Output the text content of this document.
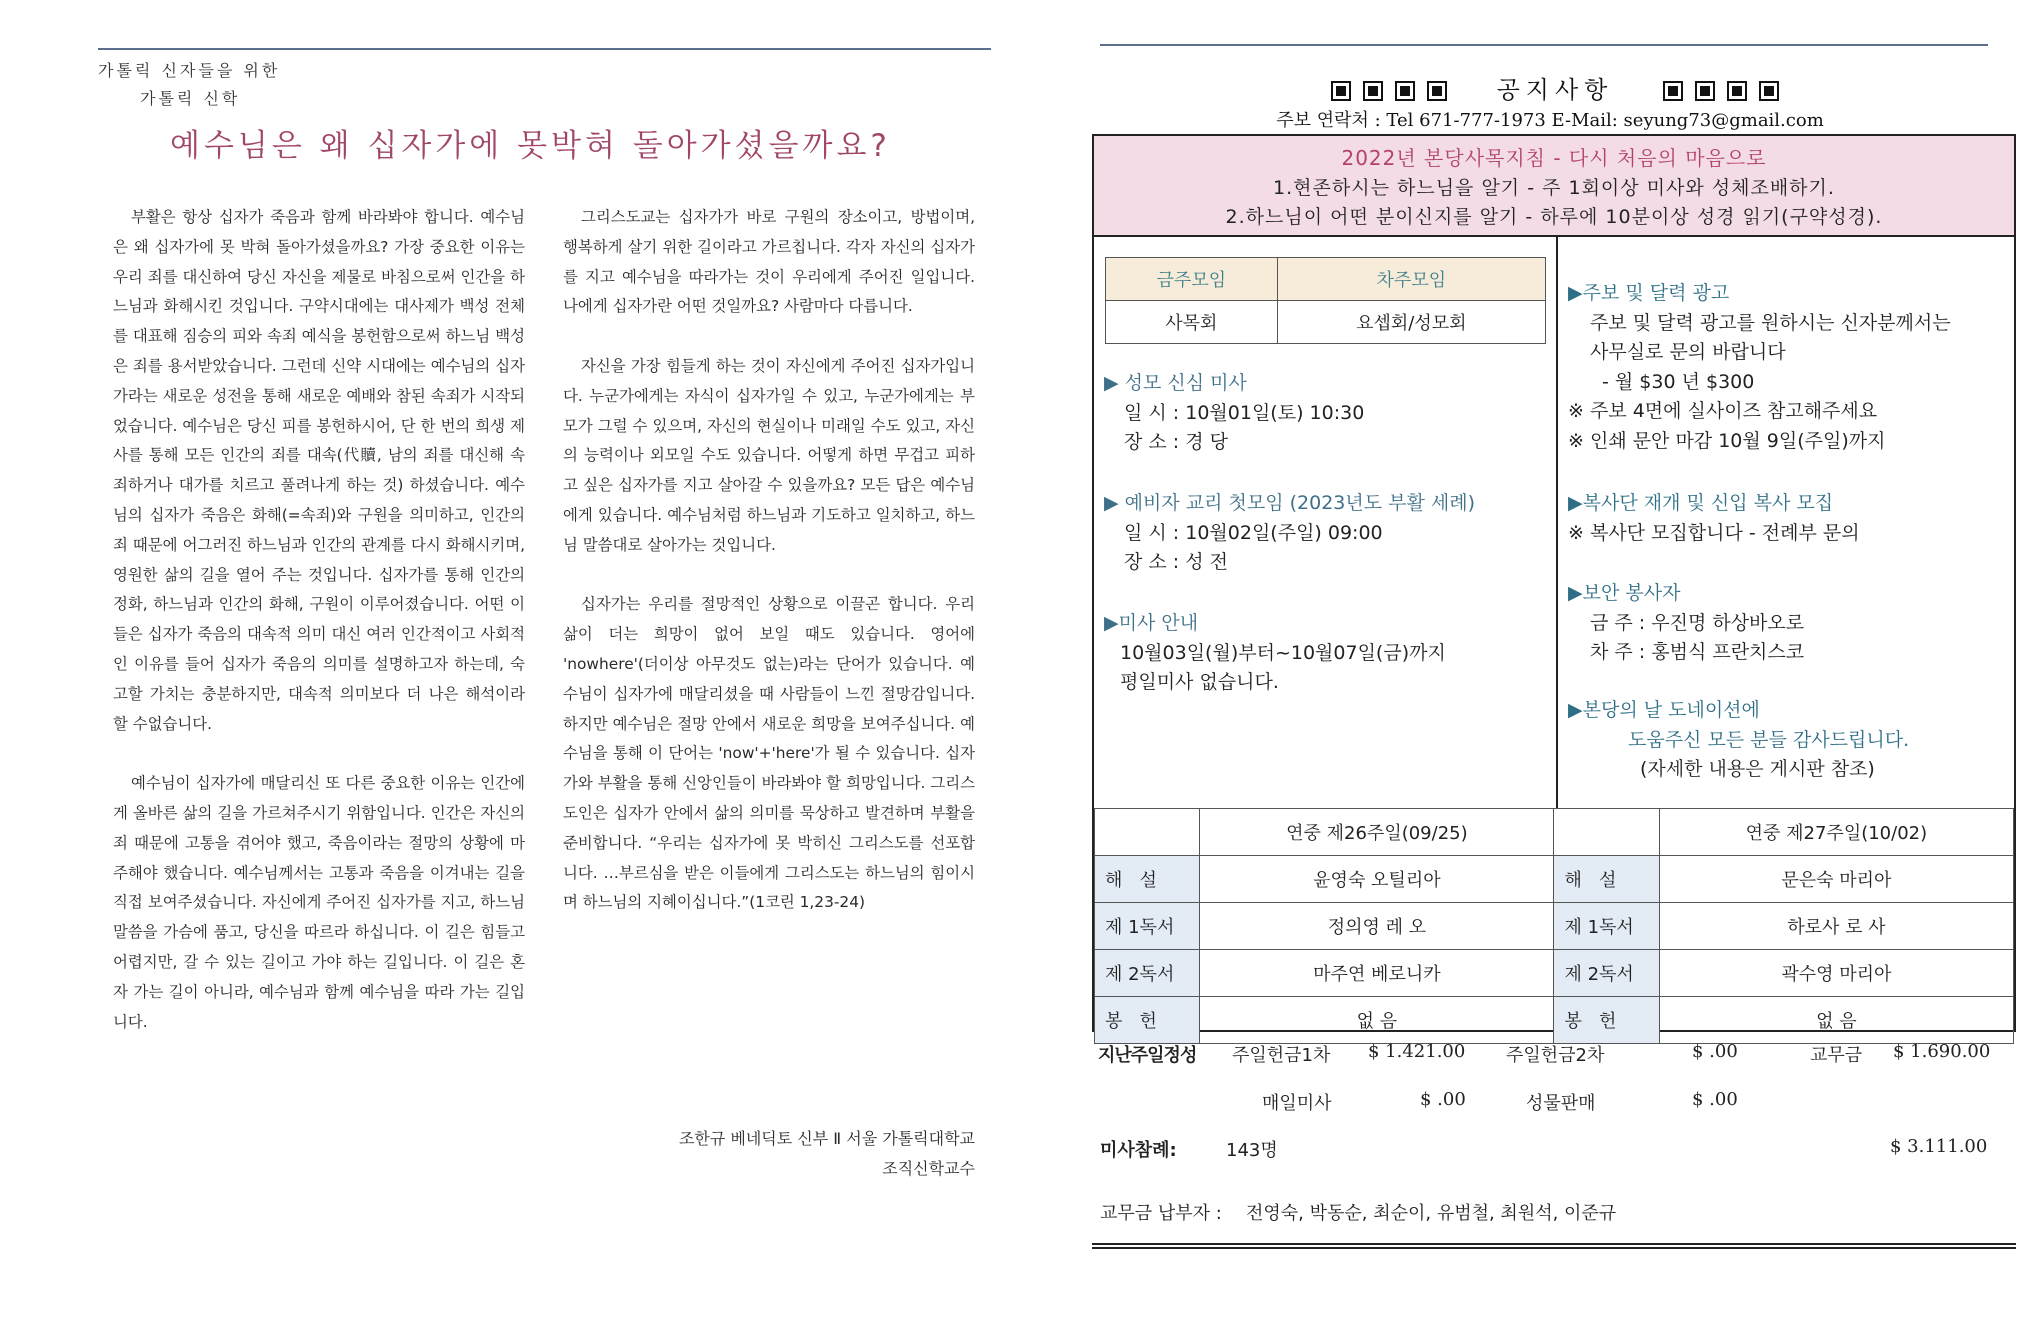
가톨릭 신자들을 위한
가톨릭 신학
예수님은 왜 십자가에 못박혀 돌아가셨을까요?

부활은 항상 십자가 죽음과 함께 바라봐야 합니다. 예수님은 왜 십자가에 못 박혀 돌아가셨을까요? 가장 중요한 이유는 우리 죄를 대신하여 당신 자신을 제물로 바침으로써 인간을 하느님과 화해시킨 것입니다. 구약시대에는 대사제가 백성 전체를 대표해 짐승의 피와 속죄 예식을 봉헌함으로써 하느님 백성은 죄를 용서받았습니다. 그런데 신약 시대에는 예수님의 십자가라는 새로운 성전을 통해 새로운 예배와 참된 속죄가 시작되었습니다. 예수님은 당신 피를 봉헌하시어, 단 한 번의 희생 제사를 통해 모든 인간의 죄를 대속(代贖, 남의 죄를 대신해 속죄하거나 대가를 치르고 풀려나게 하는 것) 하셨습니다. 예수님의 십자가 죽음은 화해(=속죄)와 구원을 의미하고, 인간의 죄 때문에 어그러진 하느님과 인간의 관계를 다시 화해시키며, 영원한 삶의 길을 열어 주는 것입니다. 십자가를 통해 인간의 정화, 하느님과 인간의 화해, 구원이 이루어졌습니다. 어떤 이들은 십자가 죽음의 대속적 의미 대신 여러 인간적이고 사회적인 이유를 들어 십자가 죽음의 의미를 설명하고자 하는데, 숙고할 가치는 충분하지만, 대속적 의미보다 더 나은 해석이라 할 수없습니다.

예수님이 십자가에 매달리신 또 다른 중요한 이유는 인간에게 올바른 삶의 길을 가르쳐주시기 위함입니다. 인간은 자신의 죄 때문에 고통을 겪어야 했고, 죽음이라는 절망의 상황에 마주해야 했습니다. 예수님께서는 고통과 죽음을 이겨내는 길을 직접 보여주셨습니다. 자신에게 주어진 십자가를 지고, 하느님 말씀을 가슴에 품고, 당신을 따르라 하십니다. 이 길은 힘들고 어렵지만, 갈 수 있는 길이고 가야 하는 길입니다. 이 길은 혼자 가는 길이 아니라, 예수님과 함께 예수님을 따라 가는 길입니다.

그리스도교는 십자가가 바로 구원의 장소이고, 방법이며, 행복하게 살기 위한 길이라고 가르칩니다. 각자 자신의 십자가를 지고 예수님을 따라가는 것이 우리에게 주어진 일입니다. 나에게 십자가란 어떤 것일까요? 사람마다 다릅니다.

자신을 가장 힘들게 하는 것이 자신에게 주어진 십자가입니다. 누군가에게는 자식이 십자가일 수 있고, 누군가에게는 부모가 그럴 수 있으며, 자신의 현실이나 미래일 수도 있고, 자신의 능력이나 외모일 수도 있습니다. 어떻게 하면 무겁고 피하고 싶은 십자가를 지고 살아갈 수 있을까요? 모든 답은 예수님에게 있습니다. 예수님처럼 하느님과 기도하고 일치하고, 하느님 말씀대로 살아가는 것입니다.

십자가는 우리를 절망적인 상황으로 이끌곤 합니다. 우리 삶이 더는 희망이 없어 보일 때도 있습니다. 영어에 'nowhere'(더이상 아무것도 없는)라는 단어가 있습니다. 예수님이 십자가에 매달리셨을 때 사람들이 느낀 절망감입니다. 하지만 예수님은 절망 안에서 새로운 희망을 보여주십니다. 예수님을 통해 이 단어는 'now'+'here'가 될 수 있습니다. 십자가와 부활을 통해 신앙인들이 바라봐야 할 희망입니다. 그리스도인은 십자가 안에서 삶의 의미를 묵상하고 발견하며 부활을 준비합니다. “우리는 십자가에 못 박히신 그리스도를 선포합니다. …부르심을 받은 이들에게 그리스도는 하느님의 힘이시며 하느님의 지혜이십니다.”(1코린 1,23-24)

조한규 베네딕토 신부 Ⅱ 서울 가톨릭대학교
조직신학교수
공지사항
주보 연락처 : Tel 671-777-1973 E-Mail: seyung73@gmail.com
2022년 본당사목지침 - 다시 처음의 마음으로
1.현존하시는 하느님을 알기 - 주 1회이상 미사와 성체조배하기.
2.하느님이 어떤 분이신지를 알기 - 하루에 10분이상 성경 읽기(구약성경).
금주모임	차주모임
사목회	요셉회/성모회
▶ 성모 신심 미사
일 시 : 10월01일(토) 10:30
장 소 : 경 당
▶ 예비자 교리 첫모임 (2023년도 부활 세례)
일 시 : 10월02일(주일) 09:00
장 소 : 성 전
▶미사 안내
10월03일(월)부터~10월07일(금)까지
평일미사 없습니다.
▶주보 및 달력 광고
주보 및 달력 광고를 원하시는 신자분께서는
사무실로 문의 바랍니다
- 월 $30 년 $300
※ 주보 4면에 실사이즈 참고해주세요
※ 인쇄 문안 마감 10월 9일(주일)까지
▶복사단 재개 및 신입 복사 모집
※ 복사단 모집합니다 - 전례부 문의
▶보안 봉사자
금 주 : 우진명 하상바오로
차 주 : 홍범식 프란치스코
▶본당의 날 도네이션에
도움주신 모든 분들 감사드립니다.
(자세한 내용은 게시판 참조)
	연중 제26주일(09/25)		연중 제27주일(10/02)
해   설	윤영숙 오틸리아	해   설	문은숙 마리아
제 1독서	정의영 레 오	제 1독서	하로사 로 사
제 2독서	마주연 베로니카	제 2독서	곽수영 마리아
봉   헌	없 음	봉   헌	없 음
지난주일정성 주일헌금1차 $ 1.421.00 주일헌금2차	$ .00	교무금 $ 1.690.00
매일미사	$ .00	성물판매	$ .00
미사참례:	143명	$ 3.111.00
교무금 납부자 : 전영숙, 박동순, 최순이, 유범철, 최원석, 이준규
